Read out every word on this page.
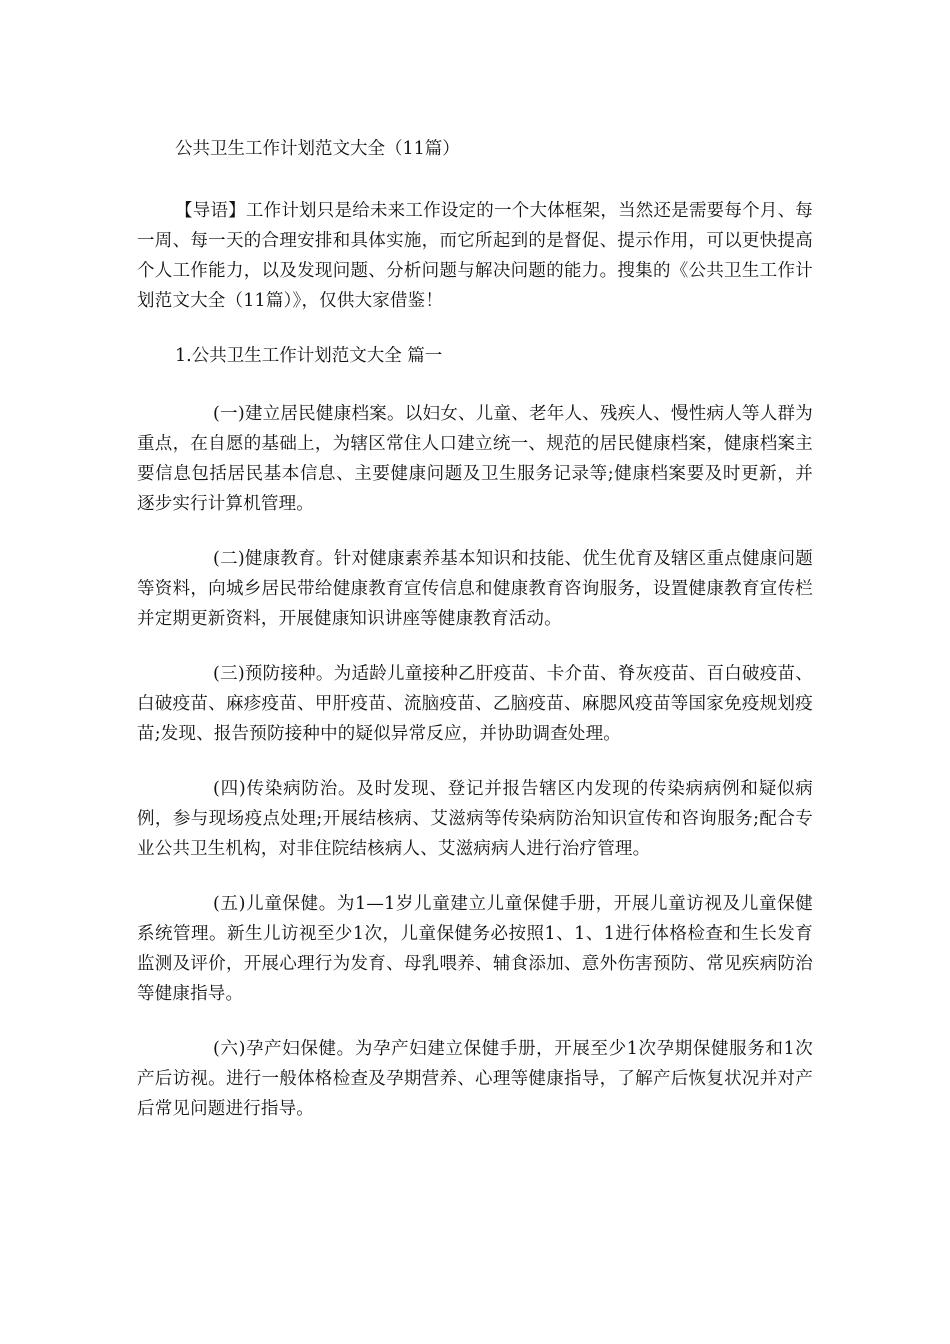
公共卫生工作计划范文大全（11篇）

【导语】工作计划只是给未来工作设定的一个大体框架，当然还是需要每个月、每一周、每一天的合理安排和具体实施，而它所起到的是督促、提示作用，可以更快提高个人工作能力，以及发现问题、分析问题与解决问题的能力。搜集的《公共卫生工作计划范文大全（11篇）》，仅供大家借鉴！

1.公共卫生工作计划范文大全 篇一

(一)建立居民健康档案。以妇女、儿童、老年人、残疾人、慢性病人等人群为重点，在自愿的基础上，为辖区常住人口建立统一、规范的居民健康档案，健康档案主要信息包括居民基本信息、主要健康问题及卫生服务记录等;健康档案要及时更新，并逐步实行计算机管理。

(二)健康教育。针对健康素养基本知识和技能、优生优育及辖区重点健康问题等资料，向城乡居民带给健康教育宣传信息和健康教育咨询服务，设置健康教育宣传栏并定期更新资料，开展健康知识讲座等健康教育活动。

(三)预防接种。为适龄儿童接种乙肝疫苗、卡介苗、脊灰疫苗、百白破疫苗、白破疫苗、麻疹疫苗、甲肝疫苗、流脑疫苗、乙脑疫苗、麻腮风疫苗等国家免疫规划疫苗;发现、报告预防接种中的疑似异常反应，并协助调查处理。

(四)传染病防治。及时发现、登记并报告辖区内发现的传染病病例和疑似病例，参与现场疫点处理;开展结核病、艾滋病等传染病防治知识宣传和咨询服务;配合专业公共卫生机构，对非住院结核病人、艾滋病病人进行治疗管理。

(五)儿童保健。为1—1岁儿童建立儿童保健手册，开展儿童访视及儿童保健系统管理。新生儿访视至少1次，儿童保健务必按照1、1、1进行体格检查和生长发育监测及评价，开展心理行为发育、母乳喂养、辅食添加、意外伤害预防、常见疾病防治等健康指导。

(六)孕产妇保健。为孕产妇建立保健手册，开展至少1次孕期保健服务和1次产后访视。进行一般体格检查及孕期营养、心理等健康指导，了解产后恢复状况并对产后常见问题进行指导。
